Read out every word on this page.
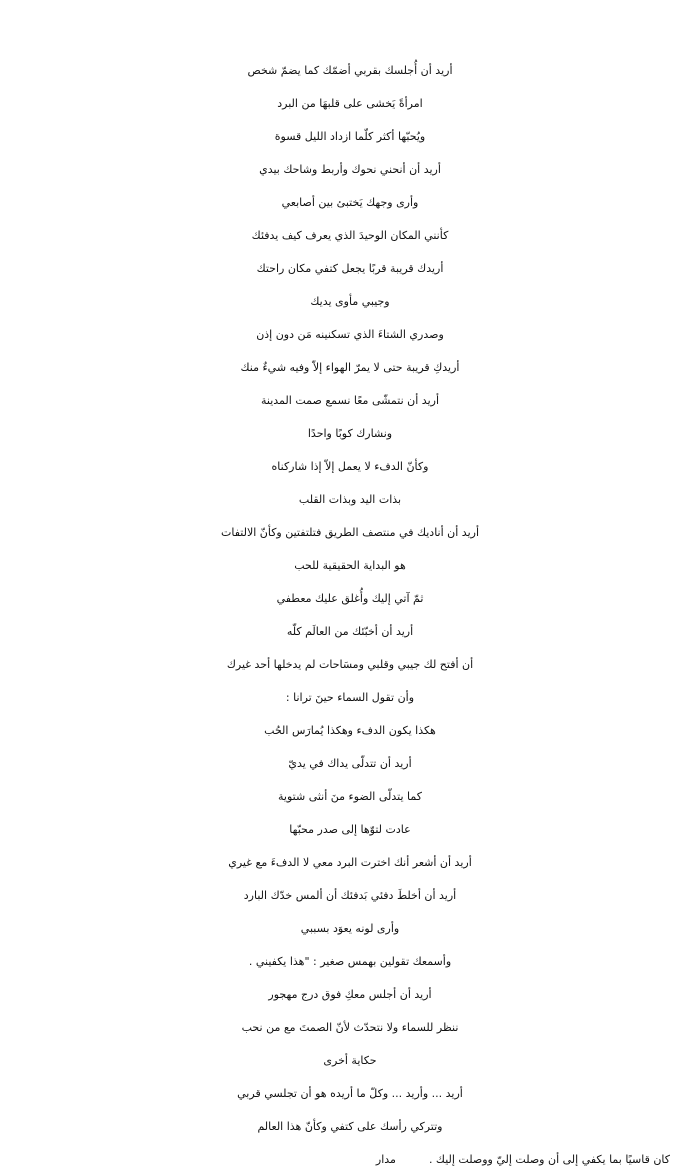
أريد أن أُجلسك بقربي أضمّك كما يضمّ شخص
امرأةً يَخشى على قلبهَا من البرد
ويُحبّها أكثر كلّما ازداد الليل قسوة
أريد أن أنحني نحوك وأربط وشاحك بيدي
وأرى وجهك يَختبئ بين أصابعي
كأنني المكان الوحيدَ الذي يعرف كيف يدفئك
أريدك قريبة قربًا يجعل كتفي مكان راحتك
وجيبي مأوى يديك
وصدري الشتاءَ الذي تسكنينه مَن دون إذن
أريدكِ قريبة حتى لا يمرّ الهواء إلاّ وفيه شيءٌ منك
أريد أن نتمشّى معًا نسمع صمت المدينة
ونشارك كوبًا واحدًا
وكأنّ الدفء لا يعمل إلاّ إذا شاركناه
بذات اليد وبذات القلب
أريد أن أناديك في منتصف الطريق فتلتفتين وكأنّ الالتفات
هو البداية الحقيقية للحب
ثمّ آتي إليك وأُغلق عليك معطفي
أريد أن أخبّئك من العالَم كلّه
أن أفتح لك جيبي وقلبي ومسَاحات لم يدخلها أحد غيرك
وأن تقول السماء حينَ ترانا :
هكذا يكون الدفء وهكذا يُمارَس الحُب
أريد أن تتدلّى يداك في يديّ
كما يتدلّى الضوء منَ أنثى شتوية
عادت لتوّها إلى صدر محبّها
أريد أن أشعر أنك اخترت البرد معي لا الدفءَ مع غيري
أريد أن أخلطَ دفئي بَدفئك أن ألمس خدّك البارد
وأرى لونه يعوَد بسببي
وأسمعك تقولين بهمس صغير : "هذا يكفيني .
أريد أن أجلس معكِ فوق درج مهجور
ننظر للسماء ولا نتحدّث لأنّ الصمتَ مع من نحب
حكاية أخرى
أريد ... وأريد ... وكلّ ما أريده هو أن تجلسي قربي
وتتركي رأسك على كتفي وكأنّ هذا العالم
كان قاسيًا بما يكفي إلى أن وصلت إليّ ووصلت إليك .  مدار
